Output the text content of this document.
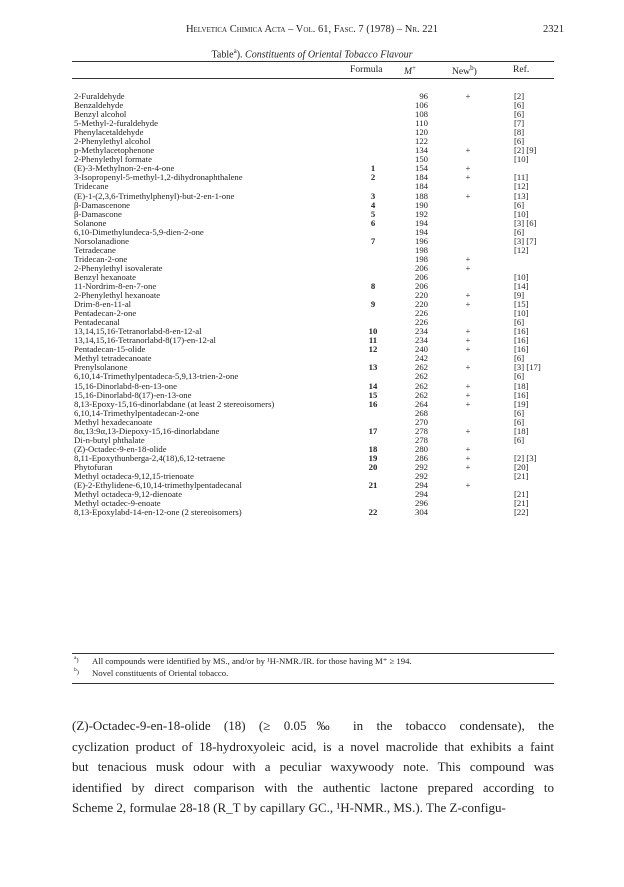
Helvetica Chimica Acta – Vol. 61, Fasc. 7 (1978) – Nr. 221	2321
Table$^a$). Constituents of Oriental Tobacco Flavour
Formula M+	New$^b$)	Ref.
2-Furaldehyde	96	+	[2]
Benzaldehyde	106	[6]
Benzyl alcohol	108	[6]
5-Methyl-2-furaldehyde	110	[7]
Phenylacetaldehyde	120	[8]
2-Phenylethyl alcohol	122	[6]
p-Methylacetophenone	134	+	[2] [9]
2-Phenylethyl formate	150	[10]
(E)-3-Methylnon-2-en-4-one	1	154	+
3-Isopropenyl-5-methyl-1,2-dihydronaphthalene	2	184	+	[11]
Tridecane	184	[12]
(E)-1-(2,3,6-Trimethylphenyl)-but-2-en-1-one	3	188	+	[13]
β-Damascenone	4	190	[6]
β-Damascone	5	192	[10]
Solanone	6	194	[3] [6]
6,10-Dimethylundeca-5,9-dien-2-one	194	[6]
Norsolanadione	7	196	[3] [7]
Tetradecane	198	[12]
Tridecan-2-one	198	+
2-Phenylethyl isovalerate	206	+
Benzyl hexanoate	206	[10]
11-Nordrim-8-en-7-one	8	206	[14]
2-Phenylethyl hexanoate	220	+	[9]
Drim-8-en-11-al	9	220	+	[15]
Pentadecan-2-one	226	[10]
Pentadecanal	226	[6]
13,14,15,16-Tetranorlabd-8-en-12-al	10	234	+	[16]
13,14,15,16-Tetranorlabd-8(17)-en-12-al	11	234	+	[16]
Pentadecan-15-olide	12	240	+	[16]
Methyl tetradecanoate	242	[6]
Prenylsolanone	13	262	+	[3] [17]
6,10,14-Trimethylpentadeca-5,9,13-trien-2-one	262	[6]
15,16-Dinorlabd-8-en-13-one	14	262	+	[18]
15,16-Dinorlabd-8(17)-en-13-one	15	262	+	[16]
8,13-Epoxy-15,16-dinorlabdane (at least 2 stereoisomers)	16	264	+	[19]
6,10,14-Trimethylpentadecan-2-one	268	[6]
Methyl hexadecanoate	270	[6]
8α,13:9α,13-Diepoxy-15,16-dinorlabdane	17	278	+	[18]
Di-n-butyl phthalate	278	[6]
(Z)-Octadec-9-en-18-olide	18	280	+
8,11-Epoxythunberga-2,4(18),6,12-tetraene	19	286	+	[2] [3]
Phytofuran	20	292	+	[20]
Methyl octadeca-9,12,15-trienoate	292	[21]
(E)-2-Ethylidene-6,10,14-trimethylpentadecanal	21	294	+
Methyl octadeca-9,12-dienoate	294	[21]
Methyl octadec-9-enoate	296	[21]
8,13-Epoxylabd-14-en-12-one (2 stereoisomers)	22	304	[22]
$^a$) All compounds were identified by MS., and/or by ¹H-NMR./IR. for those having M⁺ ≥ 194.
$^b$) Novel constituents of Oriental tobacco.
(Z)-Octadec-9-en-18-olide (18) (≥ 0.05‰ in the tobacco condensate), the
cyclization product of 18-hydroxyoleic acid, is a novel macrolide that exhibits a faint
but tenacious musk odour with a peculiar waxywoody note. This compound was
identified by direct comparison with the authentic lactone prepared according to
Scheme 2, formulae 28-18 (R_T by capillary GC., ¹H-NMR., MS.). The Z-configu-
